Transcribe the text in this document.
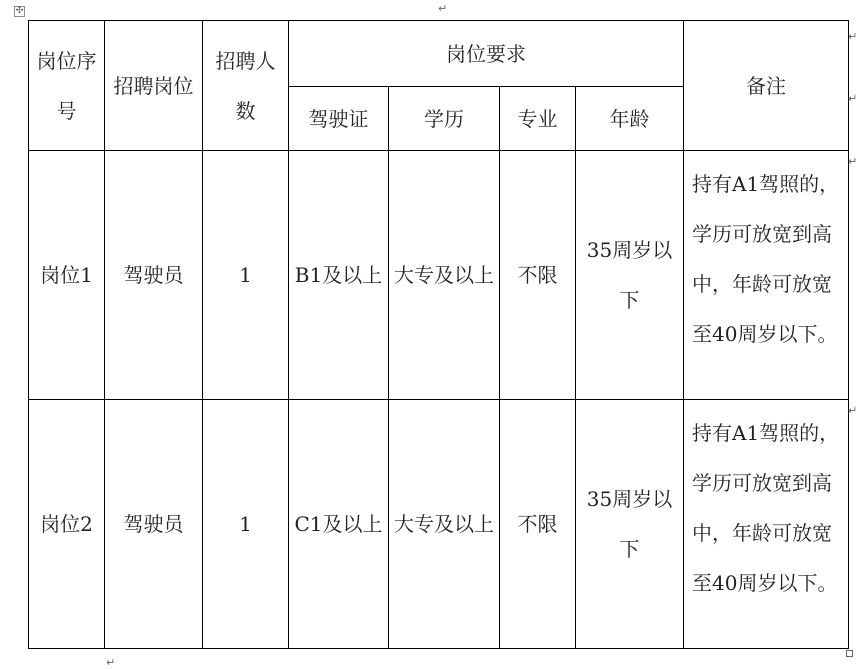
✣	↵
岗位序号	招聘岗位	招聘人数	岗位要求				备注
			驾驶证	学历	专业	年龄	
岗位1	驾驶员	1	B1及以上	大专及以上	不限	35周岁以下	持有A1驾照的，学历可放宽到高中，年龄可放宽至40周岁以下。
岗位2	驾驶员	1	C1及以上	大专及以上	不限	35周岁以下	持有A1驾照的，学历可放宽到高中，年龄可放宽至40周岁以下。
↵
↵
↵
↵
↵
